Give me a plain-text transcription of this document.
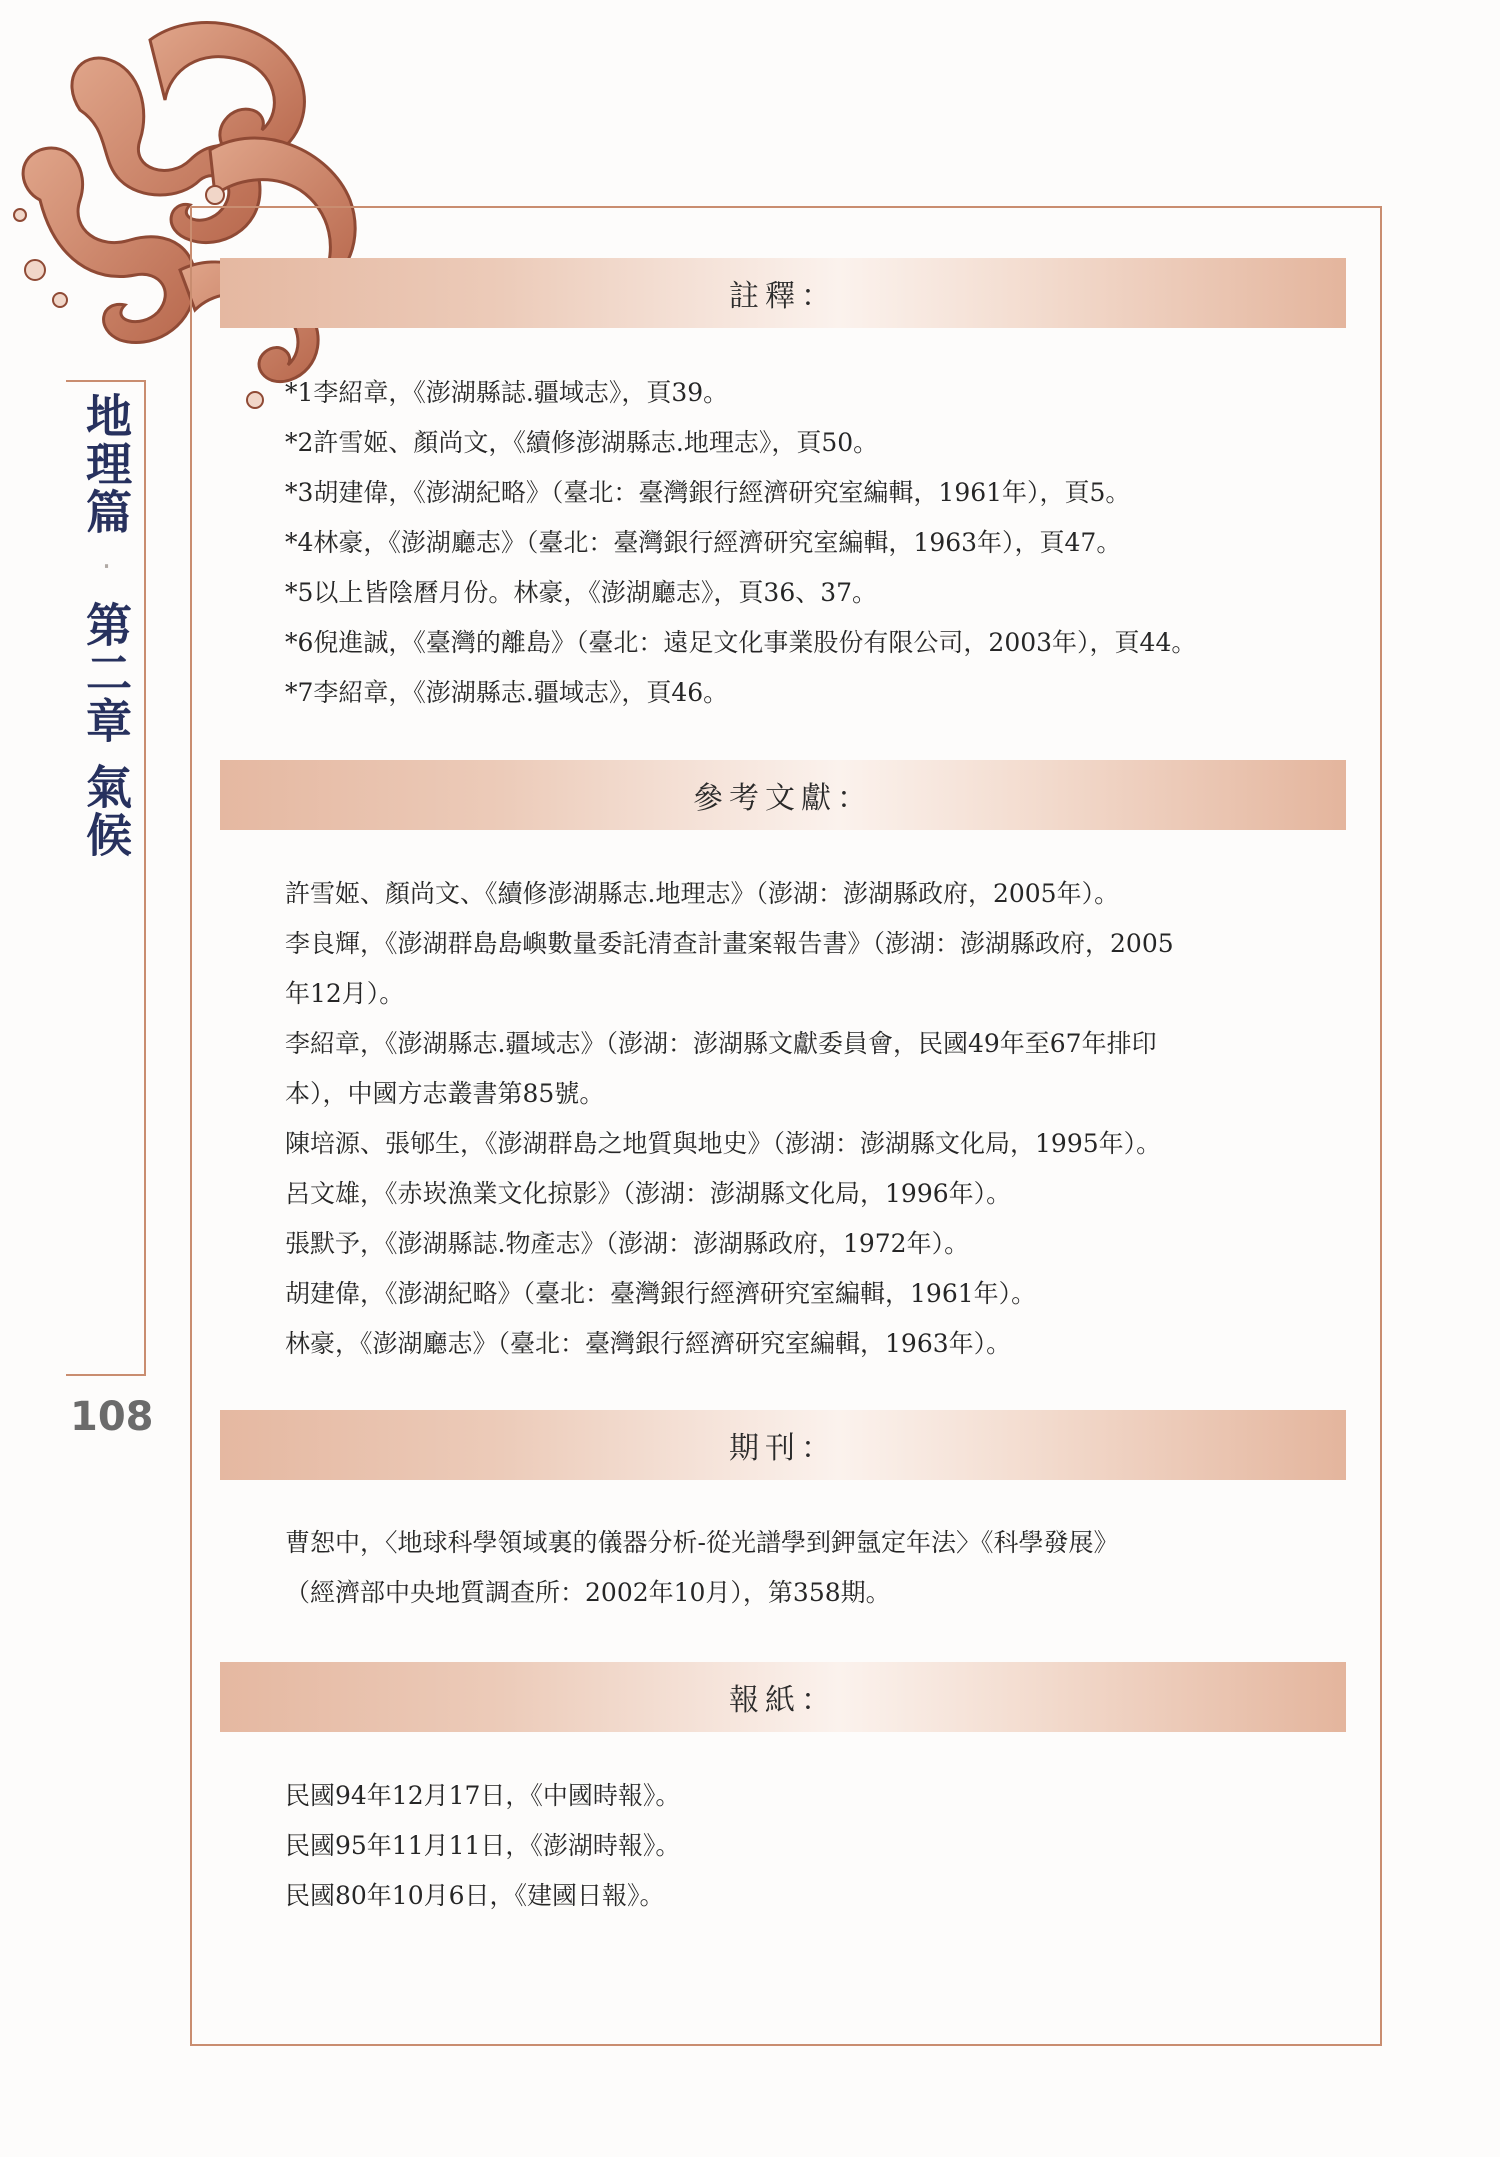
地理篇‧第二章氣候
108
註釋：
*1李紹章，《澎湖縣誌.疆域志》，頁39。
*2許雪姬、顏尚文，《續修澎湖縣志.地理志》，頁50。
*3胡建偉，《澎湖紀略》（臺北：臺灣銀行經濟研究室編輯，1961年），頁5。
*4林豪，《澎湖廳志》（臺北：臺灣銀行經濟研究室編輯，1963年），頁47。
*5以上皆陰曆月份。林豪，《澎湖廳志》，頁36、37。
*6倪進誠，《臺灣的離島》（臺北：遠足文化事業股份有限公司，2003年），頁44。
*7李紹章，《澎湖縣志.疆域志》，頁46。
參考文獻：
許雪姬、顏尚文、《續修澎湖縣志.地理志》（澎湖：澎湖縣政府，2005年）。
李良輝，《澎湖群島島嶼數量委託清查計畫案報告書》（澎湖：澎湖縣政府，2005
年12月）。
李紹章，《澎湖縣志.疆域志》（澎湖：澎湖縣文獻委員會，民國49年至67年排印
本），中國方志叢書第85號。
陳培源、張郇生，《澎湖群島之地質與地史》（澎湖：澎湖縣文化局，1995年）。
呂文雄，《赤崁漁業文化掠影》（澎湖：澎湖縣文化局，1996年）。
張默予，《澎湖縣誌.物產志》（澎湖：澎湖縣政府，1972年）。
胡建偉，《澎湖紀略》（臺北：臺灣銀行經濟研究室編輯，1961年）。
林豪，《澎湖廳志》（臺北：臺灣銀行經濟研究室編輯，1963年）。
期刊：
曹恕中，〈地球科學領域裏的儀器分析-從光譜學到鉀氬定年法〉《科學發展》
（經濟部中央地質調查所：2002年10月），第358期。
報紙：
民國94年12月17日，《中國時報》。
民國95年11月11日，《澎湖時報》。
民國80年10月6日，《建國日報》。
